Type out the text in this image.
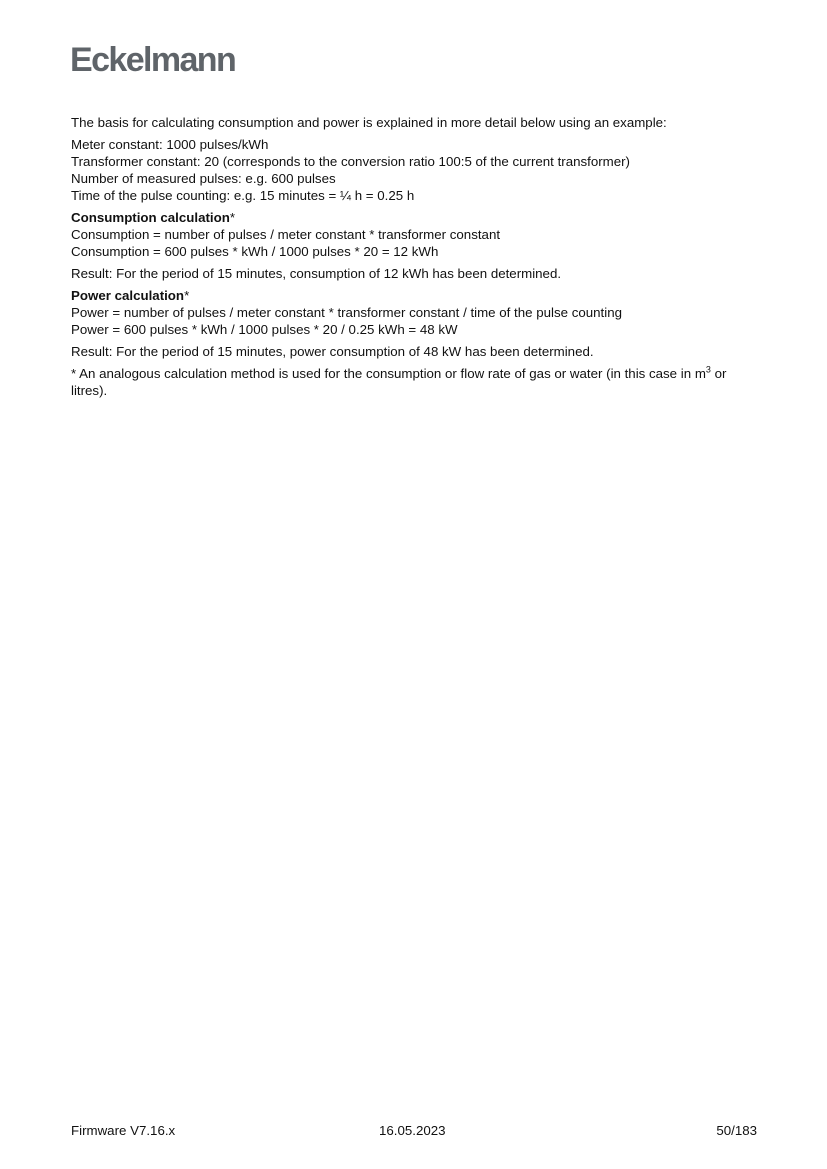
Eckelmann
The basis for calculating consumption and power is explained in more detail below using an example:
Meter constant: 1000 pulses/kWh
Transformer constant: 20 (corresponds to the conversion ratio 100:5 of the current transformer)
Number of measured pulses: e.g. 600 pulses
Time of the pulse counting: e.g. 15 minutes = ¼ h = 0.25 h
Consumption calculation*
Consumption = number of pulses / meter constant * transformer constant
Consumption = 600 pulses * kWh / 1000 pulses * 20 = 12 kWh
Result: For the period of 15 minutes, consumption of 12 kWh has been determined.
Power calculation*
Power = number of pulses / meter constant * transformer constant / time of the pulse counting
Power = 600 pulses * kWh / 1000 pulses * 20 / 0.25 kWh = 48 kW
Result: For the period of 15 minutes, power consumption of 48 kW has been determined.
* An analogous calculation method is used for the consumption or flow rate of gas or water (in this case in $m^3$ or
litres).
Firmware V7.16.x	16.05.2023	50/183
